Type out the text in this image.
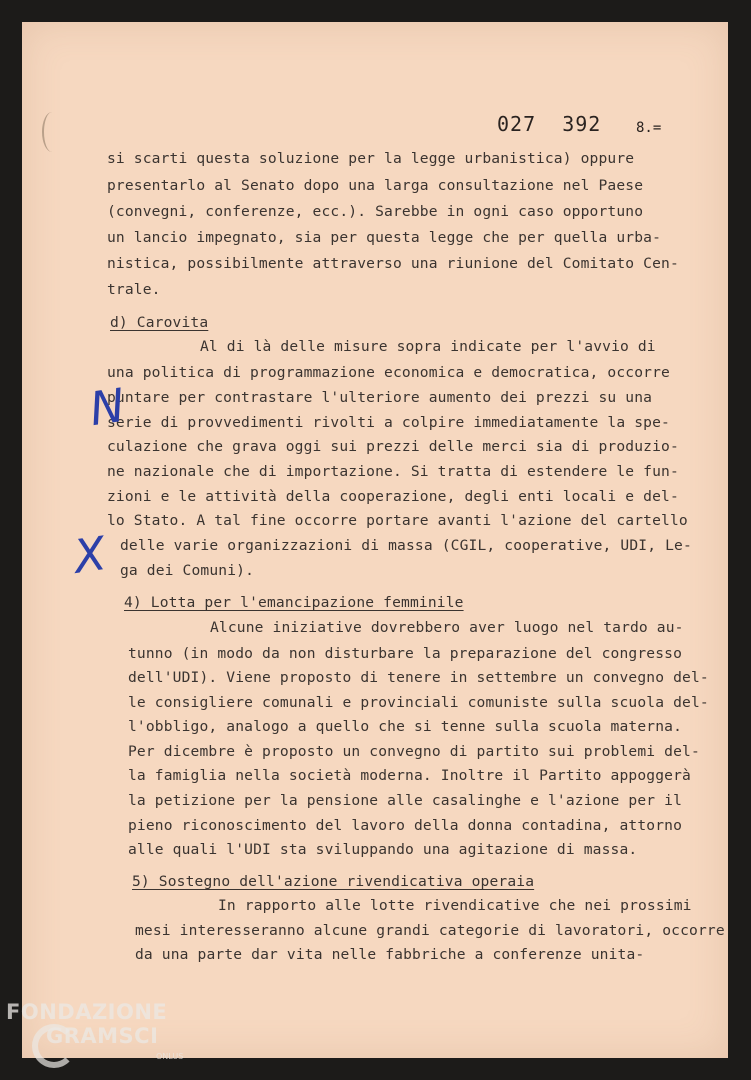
027  392 8.=
si scarti questa soluzione per la legge urbanistica) oppure
presentarlo al Senato dopo una larga consultazione nel Paese
(convegni, conferenze, ecc.). Sarebbe in ogni caso opportuno
un lancio impegnato, sia per questa legge che per quella urba-
nistica, possibilmente attraverso una riunione del Comitato Cen-
trale.
d) Carovita
Al di là delle misure sopra indicate per l'avvio di
una politica di programmazione economica e democratica, occorre
puntare per contrastare l'ulteriore aumento dei prezzi su una
serie di provvedimenti rivolti a colpire immediatamente la spe-
culazione che grava oggi sui prezzi delle merci sia di produzio-
ne nazionale che di importazione. Si tratta di estendere le fun-
zioni e le attività della cooperazione, degli enti locali e del-
lo Stato. A tal fine occorre portare avanti l'azione del cartello
delle varie organizzazioni di massa (CGIL, cooperative, UDI, Le-
ga dei Comuni).
4) Lotta per l'emancipazione femminile
Alcune iniziative dovrebbero aver luogo nel tardo au-
tunno (in modo da non disturbare la preparazione del congresso
dell'UDI). Viene proposto di tenere in settembre un convegno del-
le consigliere comunali e provinciali comuniste sulla scuola del-
l'obbligo, analogo a quello che si tenne sulla scuola materna.
Per dicembre è proposto un convegno di partito sui problemi del-
la famiglia nella società moderna. Inoltre il Partito appoggerà
la petizione per la pensione alle casalinghe e l'azione per il
pieno riconoscimento del lavoro della donna contadina, attorno
alle quali l'UDI sta sviluppando una agitazione di massa.
5) Sostegno dell'azione rivendicativa operaia
In rapporto alle lotte rivendicative che nei prossimi
mesi interesseranno alcune grandi categorie di lavoratori, occorre
da una parte dar vita nelle fabbriche a conferenze unita-
N
X
FONDAZIONE
GRAMSCI
ONLUS
